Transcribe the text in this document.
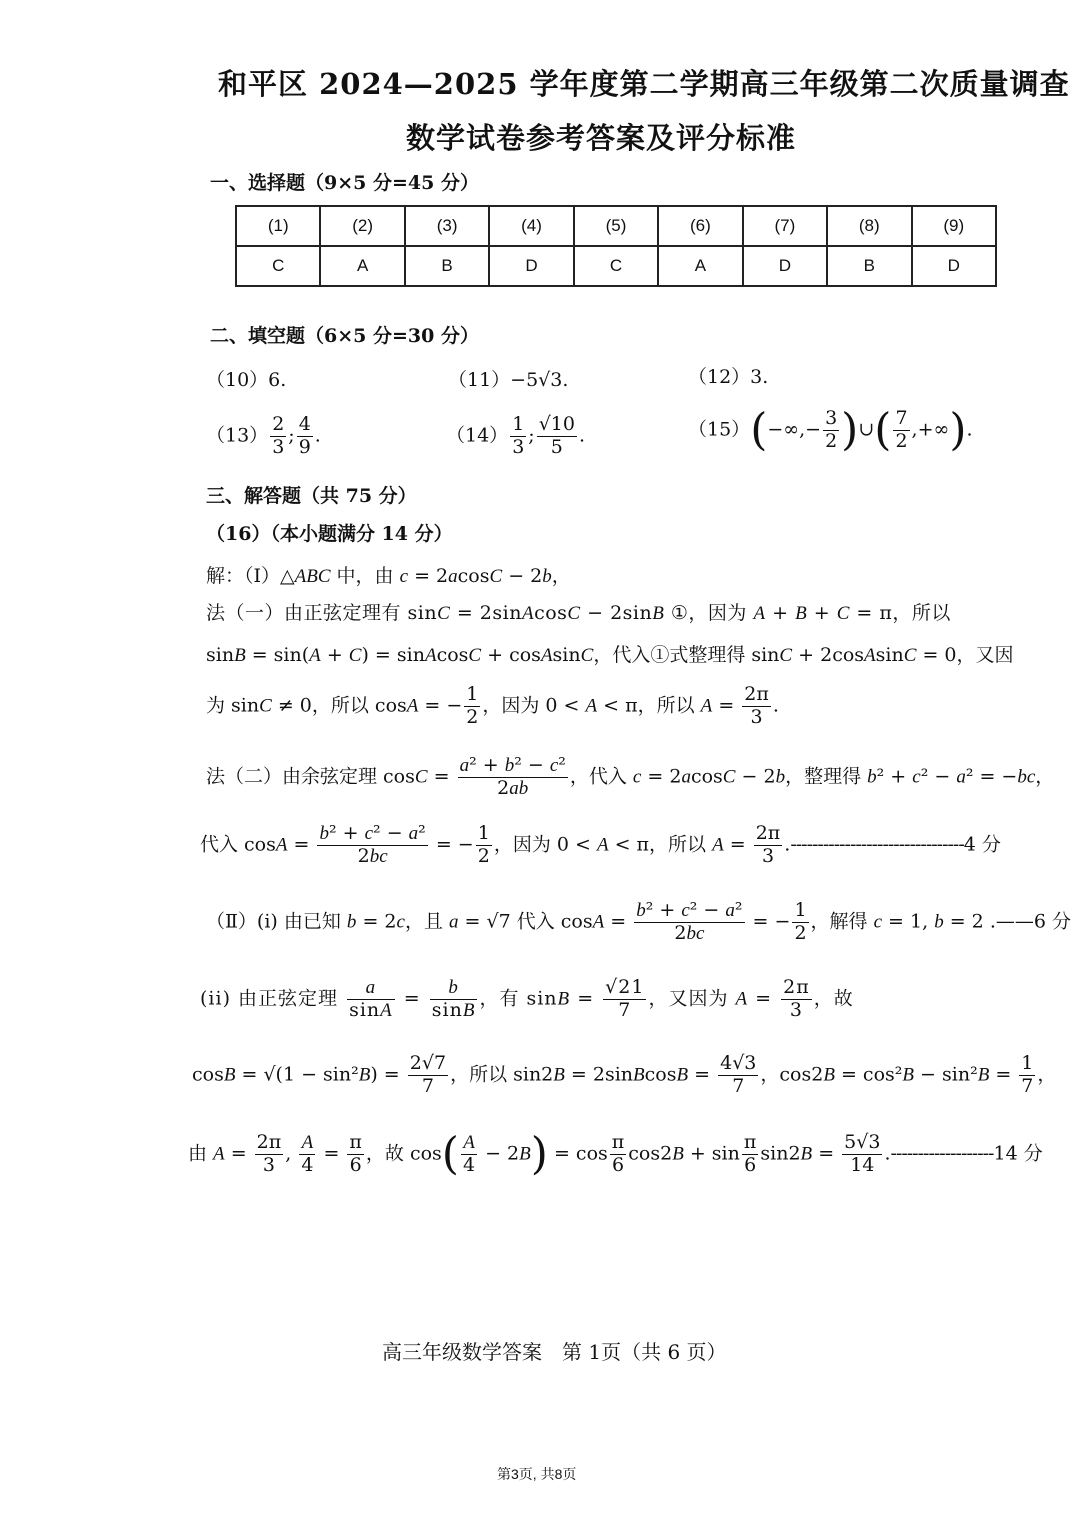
和平区 2024—2025 学年度第二学期高三年级第二次质量调查
数学试卷参考答案及评分标准
一、选择题（9×5 分=45 分）
(1)	(2)	(3)	(4)	(5)	(6)	(7)	(8)	(9)
C	A	B	D	C	A	D	B	D
二、填空题（6×5 分=30 分）
（10）6.	（11）−5√3.	（12）3.
$(13) \frac{2}{3}$ ; $\frac{4}{9}$ .	$(14) \frac{1}{3}$ ; $\frac{√10}{5}$ .	$(15)(-\infty,- \frac{3}{2}$ )∪( $\frac{7}{2}$ ,+∞).
三、解答题（共 75 分）
（16）（本小题满分 14 分）
解：（Ⅰ）△ABC 中，由 c = 2acosC − 2b，
法（一）由正弦定理有 sinC = 2sinAcosC − 2sinB ①，因为 A + B + C = π，所以
sinB = sin(A + C) = sinAcosC + cosAsinC，代入①式整理得 sinC + 2cosAsinC = 0，又因
为 sinC ≠ 0，所以 cosA = − $\frac{1}{2}$ ，因为 0 < A < π，所以 $A = \frac{2\pi}{3}$ .
法（二）由余弦定理 $\cos C = \frac{\text{a² + b² − c²}}{2ab}$ ，代入 c = 2acosC − 2b，整理得 b² + c² − a² = −bc，
代入 $\cos A = \frac{\text{b² + c² − a²}}{2bc}$ = − $\frac{1}{2}$ ，因为 0 < A < π，所以 $A = \frac{2\pi}{3} .--------------------------------4$ 分
（Ⅱ）(i) 由已知 b = 2c，且 a = √7 代入 $\cos A = \frac{\text{b² + c² − a²}}{2bc}$ = − $\frac{1}{2}$ ，解得 c = 1, b = 2 .——6 分
(ii) 由正弦定理 $\frac{a}{\sin A} = \frac{b}{\sin B}$ ，有 $\sin B = \frac{√21}{7}$ ，又因为 $A = \frac{2\pi}{3}$ ，故
$\cos B = √(1 - \sin^2B) = \frac{2√7}{7}$ ，所以 sin2B = 2sinBcosB = $\frac{4√3}{7}$ ，$\cos 2B = \cos^2B - \sin^2B = \frac{1}{7}$ ，
由 $A = \frac{2\pi}{3}$ , $\frac{A}{4} = \frac{\pi}{6}$ ，故 $\cos( \frac{A}{4} - 2B) = \cos \frac{\pi}{6} \cos 2B + \sin \frac{\pi}{6} \sin 2B = \frac{5√3}{14} .-------------------14$ 分
高三年级数学答案　第 1页（共 6 页）
第3页, 共8页
